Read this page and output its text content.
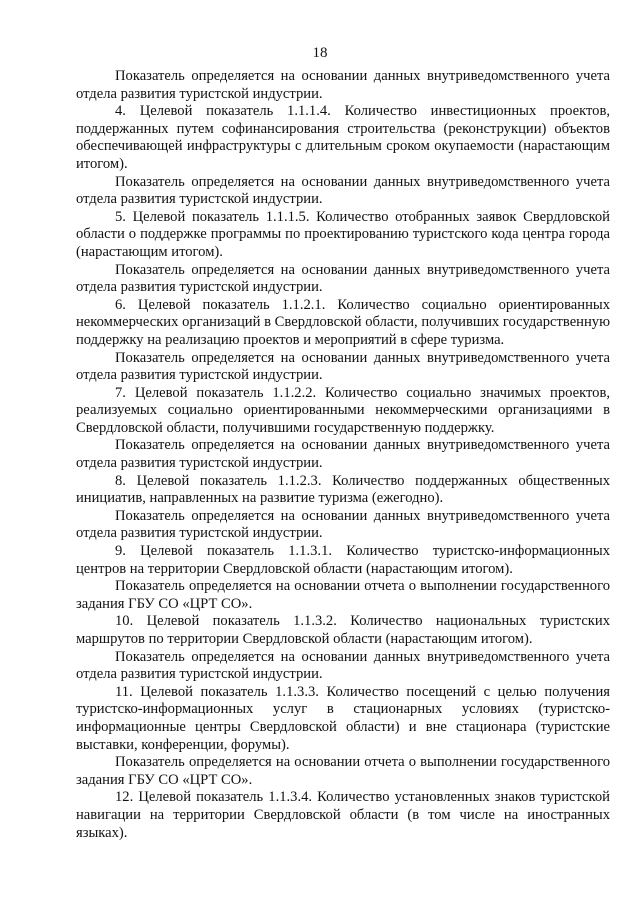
18

Показатель определяется на основании данных внутриведомственного учета отдела развития туристской индустрии.

4. Целевой показатель 1.1.1.4. Количество инвестиционных проектов, поддержанных путем софинансирования строительства (реконструкции) объектов обеспечивающей инфраструктуры с длительным сроком окупаемости (нарастающим итогом).

Показатель определяется на основании данных внутриведомственного учета отдела развития туристской индустрии.

5. Целевой показатель 1.1.1.5. Количество отобранных заявок Свердловской области о поддержке программы по проектированию туристского кода центра города (нарастающим итогом).

Показатель определяется на основании данных внутриведомственного учета отдела развития туристской индустрии.

6. Целевой показатель 1.1.2.1. Количество социально ориентированных некоммерческих организаций в Свердловской области, получивших государственную поддержку на реализацию проектов и мероприятий в сфере туризма.

Показатель определяется на основании данных внутриведомственного учета отдела развития туристской индустрии.

7. Целевой показатель 1.1.2.2. Количество социально значимых проектов, реализуемых социально ориентированными некоммерческими организациями в Свердловской области, получившими государственную поддержку.

Показатель определяется на основании данных внутриведомственного учета отдела развития туристской индустрии.

8. Целевой показатель 1.1.2.3. Количество поддержанных общественных инициатив, направленных на развитие туризма (ежегодно).

Показатель определяется на основании данных внутриведомственного учета отдела развития туристской индустрии.

9. Целевой показатель 1.1.3.1. Количество туристско-информационных центров на территории Свердловской области (нарастающим итогом).

Показатель определяется на основании отчета о выполнении государственного задания ГБУ СО «ЦРТ СО».

10. Целевой показатель 1.1.3.2. Количество национальных туристских маршрутов по территории Свердловской области (нарастающим итогом).

Показатель определяется на основании данных внутриведомственного учета отдела развития туристской индустрии.

11. Целевой показатель 1.1.3.3. Количество посещений с целью получения туристско-информационных услуг в стационарных условиях (туристско-информационные центры Свердловской области) и вне стационара (туристские выставки, конференции, форумы).

Показатель определяется на основании отчета о выполнении государственного задания ГБУ СО «ЦРТ СО».

12. Целевой показатель 1.1.3.4. Количество установленных знаков туристской навигации на территории Свердловской области (в том числе на иностранных языках).
